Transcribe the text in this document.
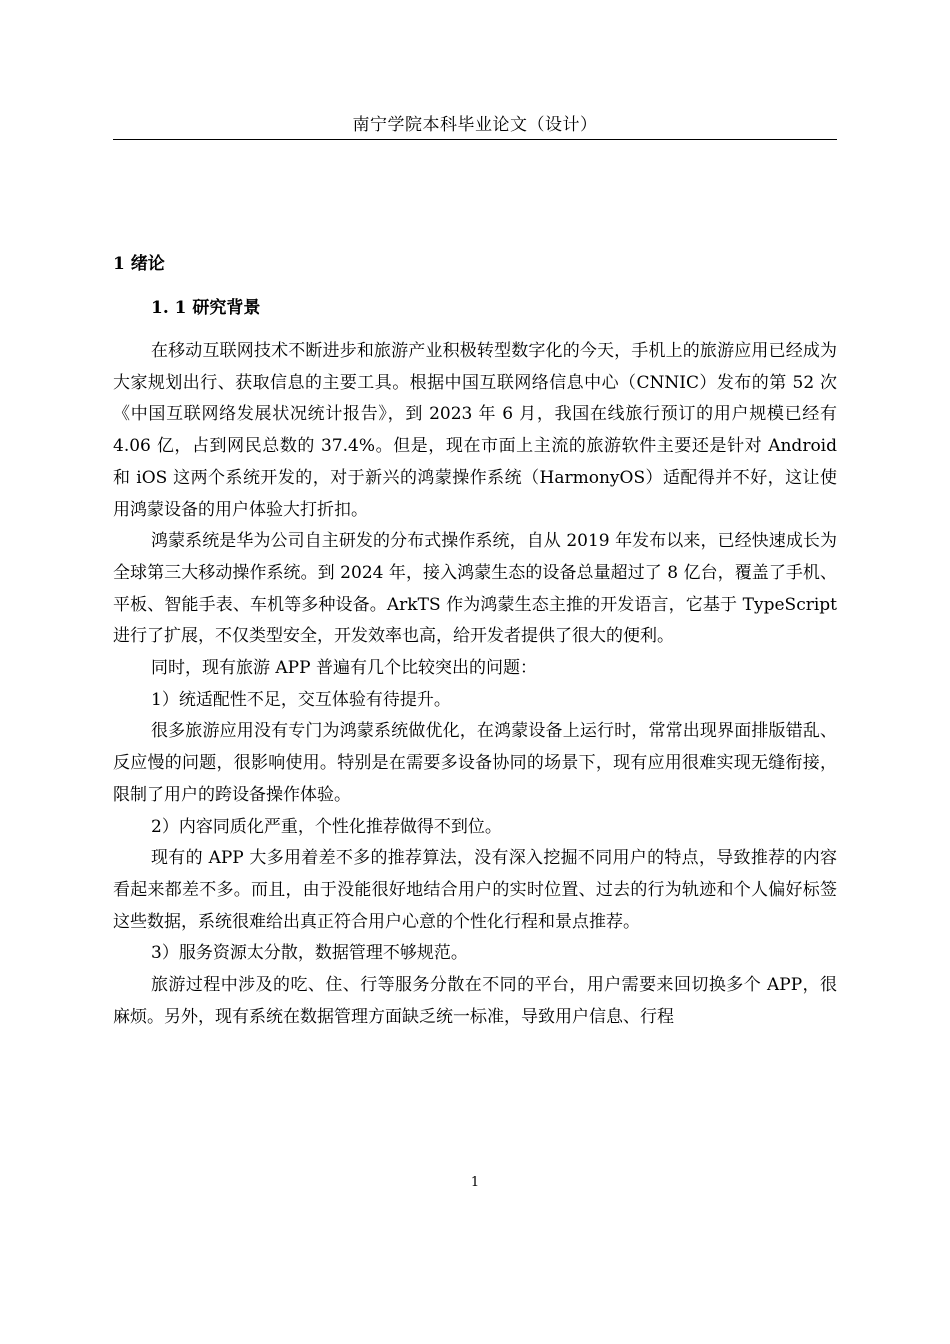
南宁学院本科毕业论文（设计）
1 绪论
1. 1 研究背景

在移动互联网技术不断进步和旅游产业积极转型数字化的今天，手机上的旅游应用已经成为大家规划出行、获取信息的主要工具。根据中国互联网络信息中心（CNNIC）发布的第 52 次《中国互联网络发展状况统计报告》，到 2023 年 6 月，我国在线旅行预订的用户规模已经有 4.06 亿，占到网民总数的 37.4%。但是，现在市面上主流的旅游软件主要还是针对 Android 和 iOS 这两个系统开发的，对于新兴的鸿蒙操作系统（HarmonyOS）适配得并不好，这让使用鸿蒙设备的用户体验大打折扣。

鸿蒙系统是华为公司自主研发的分布式操作系统，自从 2019 年发布以来，已经快速成长为全球第三大移动操作系统。到 2024 年，接入鸿蒙生态的设备总量超过了 8 亿台，覆盖了手机、平板、智能手表、车机等多种设备。ArkTS 作为鸿蒙生态主推的开发语言，它基于 TypeScript 进行了扩展，不仅类型安全，开发效率也高，给开发者提供了很大的便利。

同时，现有旅游 APP 普遍有几个比较突出的问题：

1）统适配性不足，交互体验有待提升。

很多旅游应用没有专门为鸿蒙系统做优化，在鸿蒙设备上运行时，常常出现界面排版错乱、反应慢的问题，很影响使用。特别是在需要多设备协同的场景下，现有应用很难实现无缝衔接，限制了用户的跨设备操作体验。

2）内容同质化严重，个性化推荐做得不到位。

现有的 APP 大多用着差不多的推荐算法，没有深入挖掘不同用户的特点，导致推荐的内容看起来都差不多。而且，由于没能很好地结合用户的实时位置、过去的行为轨迹和个人偏好标签这些数据，系统很难给出真正符合用户心意的个性化行程和景点推荐。

3）服务资源太分散，数据管理不够规范。

旅游过程中涉及的吃、住、行等服务分散在不同的平台，用户需要来回切换多个 APP，很麻烦。另外，现有系统在数据管理方面缺乏统一标准，导致用户信息、行程

1
